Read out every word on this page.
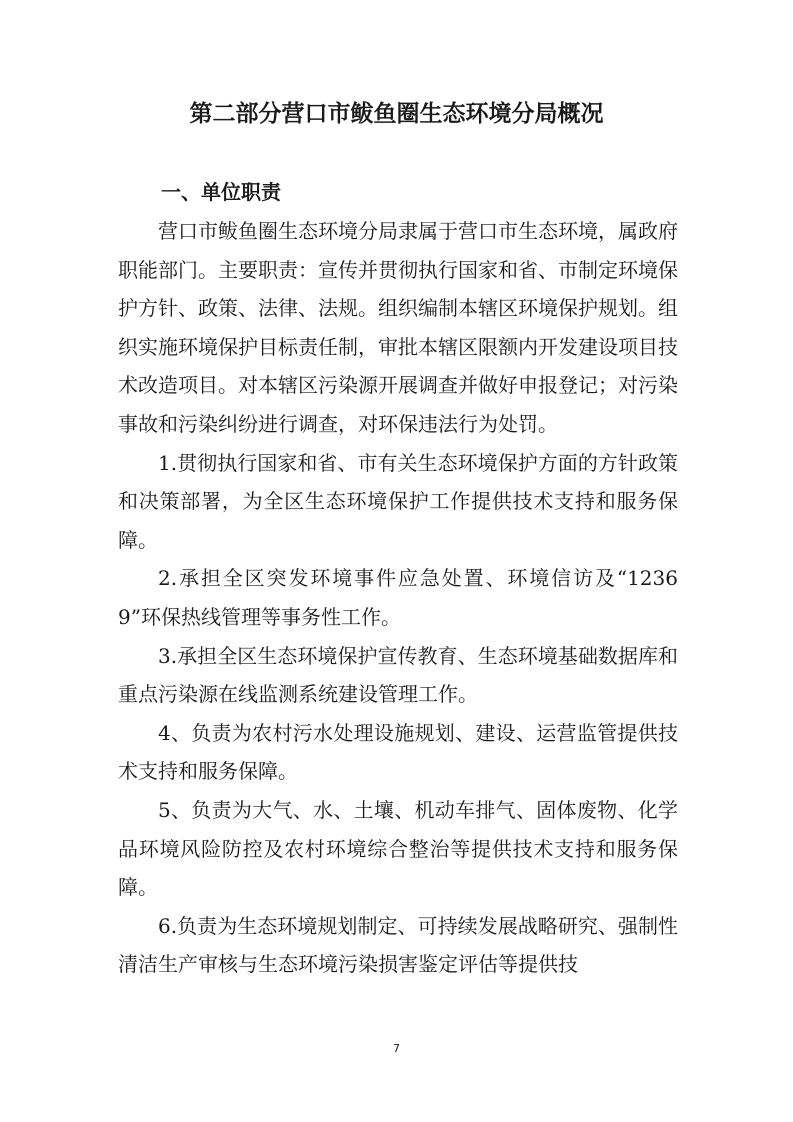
第二部分营口市鲅鱼圈生态环境分局概况
一、单位职责

营口市鲅鱼圈生态环境分局隶属于营口市生态环境，属政府职能部门。主要职责：宣传并贯彻执行国家和省、市制定环境保护方针、政策、法律、法规。组织编制本辖区环境保护规划。组织实施环境保护目标责任制，审批本辖区限额内开发建设项目技术改造项目。对本辖区污染源开展调查并做好申报登记；对污染事故和污染纠纷进行调查，对环保违法行为处罚。

1.贯彻执行国家和省、市有关生态环境保护方面的方针政策和决策部署，为全区生态环境保护工作提供技术支持和服务保障。

2.承担全区突发环境事件应急处置、环境信访及“12369”环保热线管理等事务性工作。

3.承担全区生态环境保护宣传教育、生态环境基础数据库和重点污染源在线监测系统建设管理工作。

4、负责为农村污水处理设施规划、建设、运营监管提供技术支持和服务保障。

5、负责为大气、水、土壤、机动车排气、固体废物、化学品环境风险防控及农村环境综合整治等提供技术支持和服务保障。

6.负责为生态环境规划制定、可持续发展战略研究、强制性清洁生产审核与生态环境污染损害鉴定评估等提供技

7
